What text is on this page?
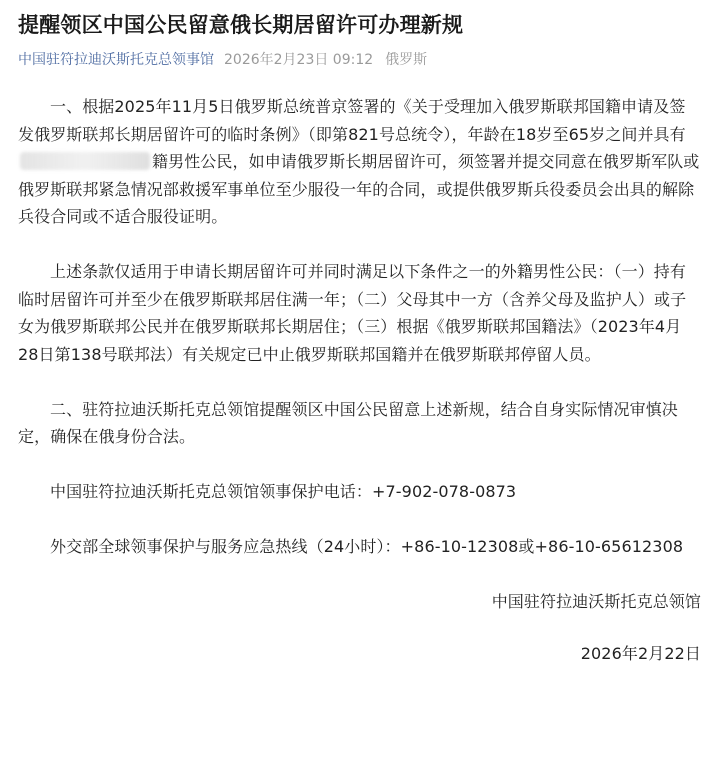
提醒领区中国公民留意俄长期居留许可办理新规
中国驻符拉迪沃斯托克总领事馆 2026年2月23日 09:12 俄罗斯

一、根据2025年11月5日俄罗斯总统普京签署的《关于受理加入俄罗斯联邦国籍申请及签发俄罗斯联邦长期居留许可的临时条例》（即第821号总统令），年龄在18岁至65岁之间并具有籍男性公民，如申请俄罗斯长期居留许可，须签署并提交同意在俄罗斯军队或俄罗斯联邦紧急情况部救援军事单位至少服役一年的合同，或提供俄罗斯兵役委员会出具的解除兵役合同或不适合服役证明。

上述条款仅适用于申请长期居留许可并同时满足以下条件之一的外籍男性公民：（一）持有临时居留许可并至少在俄罗斯联邦居住满一年；（二）父母其中一方（含养父母及监护人）或子女为俄罗斯联邦公民并在俄罗斯联邦长期居住；（三）根据《俄罗斯联邦国籍法》（2023年4月28日第138号联邦法）有关规定已中止俄罗斯联邦国籍并在俄罗斯联邦停留人员。

二、驻符拉迪沃斯托克总领馆提醒领区中国公民留意上述新规，结合自身实际情况审慎决定，确保在俄身份合法。

中国驻符拉迪沃斯托克总领馆领事保护电话：+7-902-078-0873

外交部全球领事保护与服务应急热线（24小时）：+86-10-12308或+86-10-65612308

中国驻符拉迪沃斯托克总领馆
2026年2月22日
